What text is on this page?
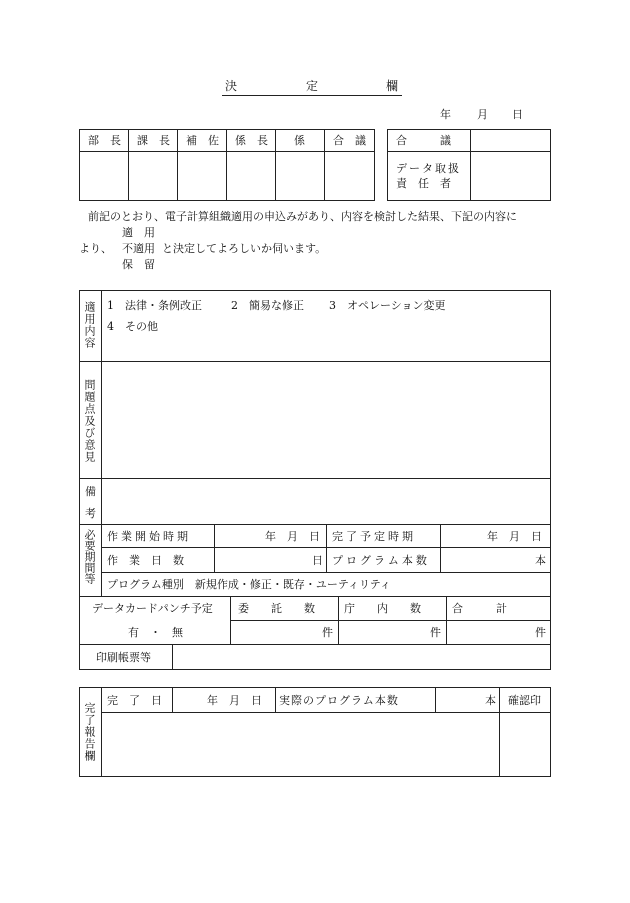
決	定	欄
年 月 日
部　長 課　長 補　佐 係　長 係	合　議	合　　　議
データ取扱
責　任　者
前記のとおり、電子計算組織適用の申込みがあり、内容を検討した結果、下記の内容に
適　用
より、 不適用 と決定してよろしいか伺います。
保　留
適用内容 1　法律・条例改正	2　簡易な修正 3　オペレーション変更
4　その他
問題点及び意見
備
考
必要期間等 作業開始時期	年　月　日 完了予定時期	年　月　日
作　業　日　数	日 プログラム本数	本
プログラム種別　新規作成・修正・既存・ユーティリティ
データカードパンチ予定
有　・　無
委　　託　　数	庁　　内　　数	合　　　計
件	件	件
印刷帳票等
完了報告欄
完　了　日	年　月　日 実際のプログラム本数	本 確認印
